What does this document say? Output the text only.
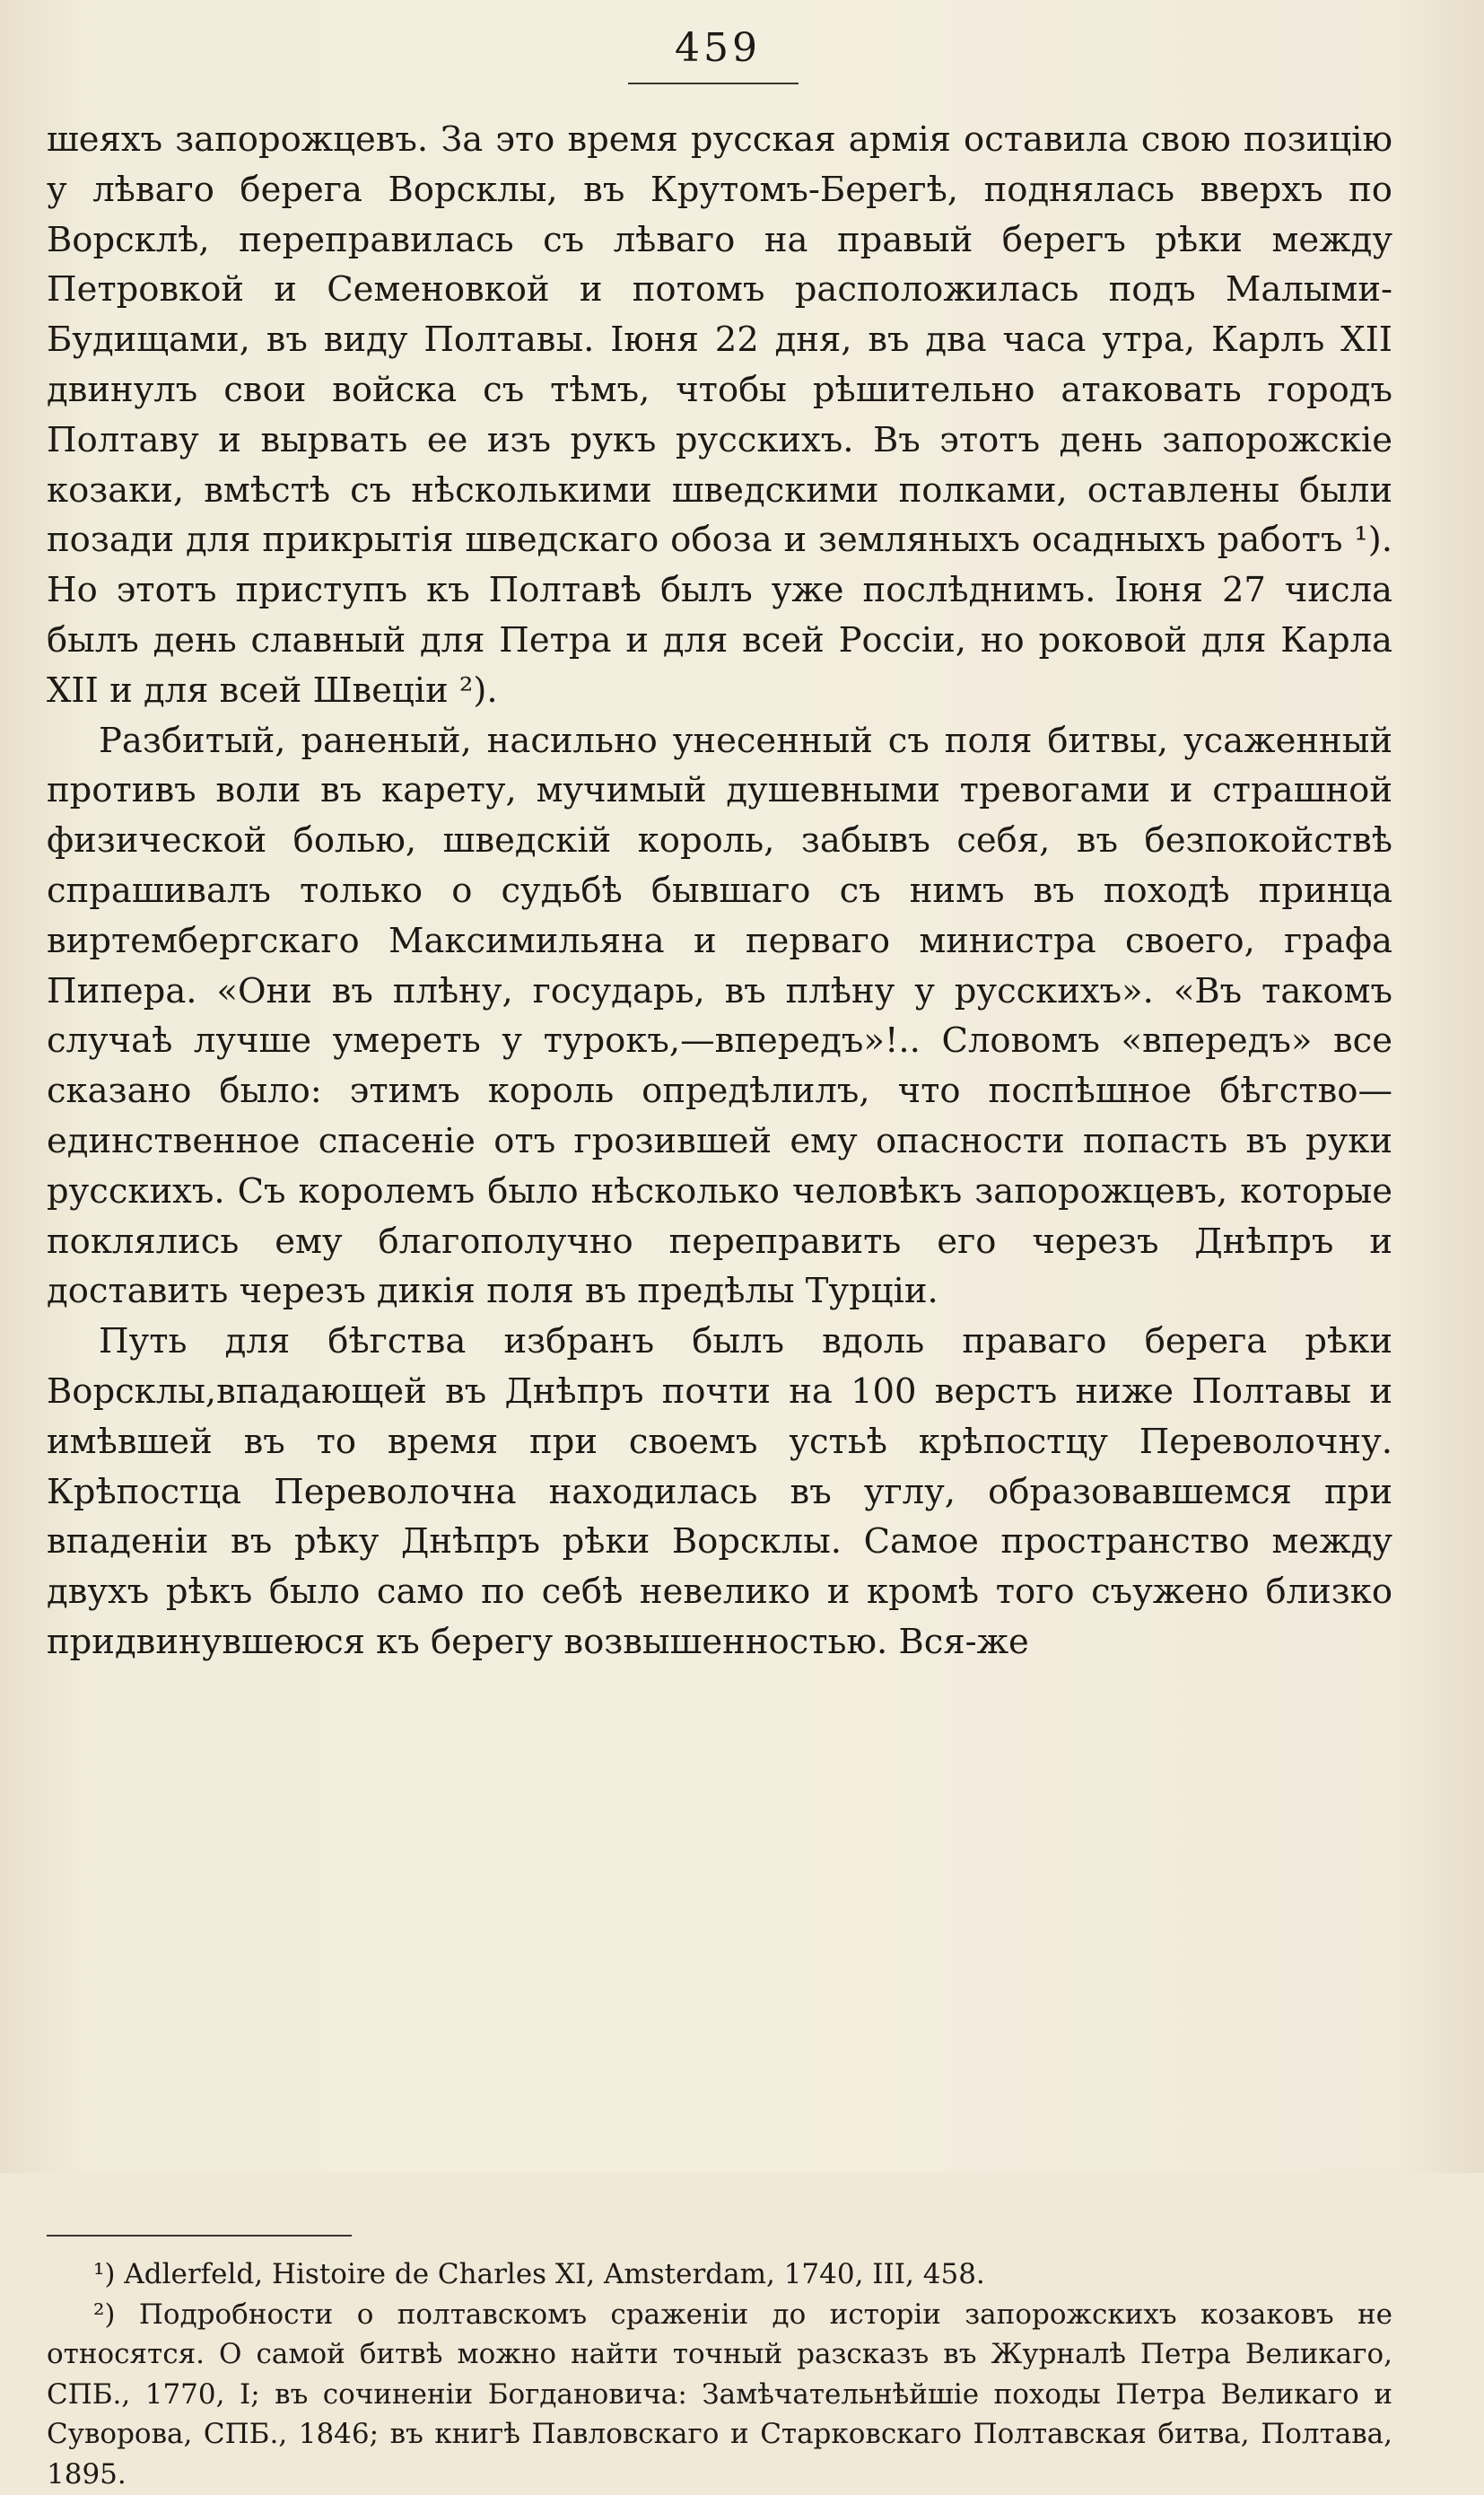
459

шеяхъ запорожцевъ. За это время русская армія оставила свою позицію у лѣваго берега Ворсклы, въ Крутомъ-Берегѣ, поднялась вверхъ по Ворсклѣ, переправилась съ лѣваго на правый берегъ рѣки между Петровкой и Семеновкой и потомъ расположилась подъ Малыми-Будищами, въ виду Полтавы. Іюня 22 дня, въ два часа утра, Карлъ XII двинулъ свои войска съ тѣмъ, чтобы рѣшительно атаковать городъ Полтаву и вырвать ее изъ рукъ русскихъ. Въ этотъ день запорожскіе козаки, вмѣстѣ съ нѣсколькими шведскими полками, оставлены были позади для прикрытія шведскаго обоза и земляныхъ осадныхъ работъ ¹). Но этотъ приступъ къ Полтавѣ былъ уже послѣднимъ. Іюня 27 числа былъ день славный для Петра и для всей Россіи, но роковой для Карла XII и для всей Швеціи ²).

Разбитый, раненый, насильно унесенный съ поля битвы, усаженный противъ воли въ карету, мучимый душевными тревогами и страшной физической болью, шведскій король, забывъ себя, въ безпокойствѣ спрашивалъ только о судьбѣ бывшаго съ нимъ въ походѣ принца виртембергскаго Максимильяна и перваго министра своего, графа Пипера. «Они въ плѣну, государь, въ плѣну у русскихъ». «Въ такомъ случаѣ лучше умереть у турокъ,—впередъ»!.. Словомъ «впередъ» все сказано было: этимъ король опредѣлилъ, что поспѣшное бѣгство—единственное спасеніе отъ грозившей ему опасности попасть въ руки русскихъ. Съ королемъ было нѣсколько человѣкъ запорожцевъ, которые поклялись ему благополучно переправить его черезъ Днѣпръ и доставить черезъ дикія поля въ предѣлы Турціи.

Путь для бѣгства избранъ былъ вдоль праваго берега рѣки Ворсклы,впадающей въ Днѣпръ почти на 100 верстъ ниже Полтавы и имѣвшей въ то время при своемъ устьѣ крѣпостцу Переволочну. Крѣпостца Переволочна находилась въ углу, образовавшемся при впаденіи въ рѣку Днѣпръ рѣки Ворсклы. Самое пространство между двухъ рѣкъ было само по себѣ невелико и кромѣ того съужено близко придвинувшеюся къ берегу возвышенностью. Вся-же

¹) Adlerfeld, Histoire de Charles XI, Amsterdam, 1740, III, 458.

²) Подробности о полтавскомъ сраженіи до исторіи запорожскихъ козаковъ не относятся. О самой битвѣ можно найти точный разсказъ въ Журналѣ Петра Великаго, СПБ., 1770, I; въ сочиненіи Богдановича: Замѣчательнѣйшіе походы Петра Великаго и Суворова, СПБ., 1846; въ книгѣ Павловскаго и Старковскаго Полтавская битва, Полтава, 1895.
